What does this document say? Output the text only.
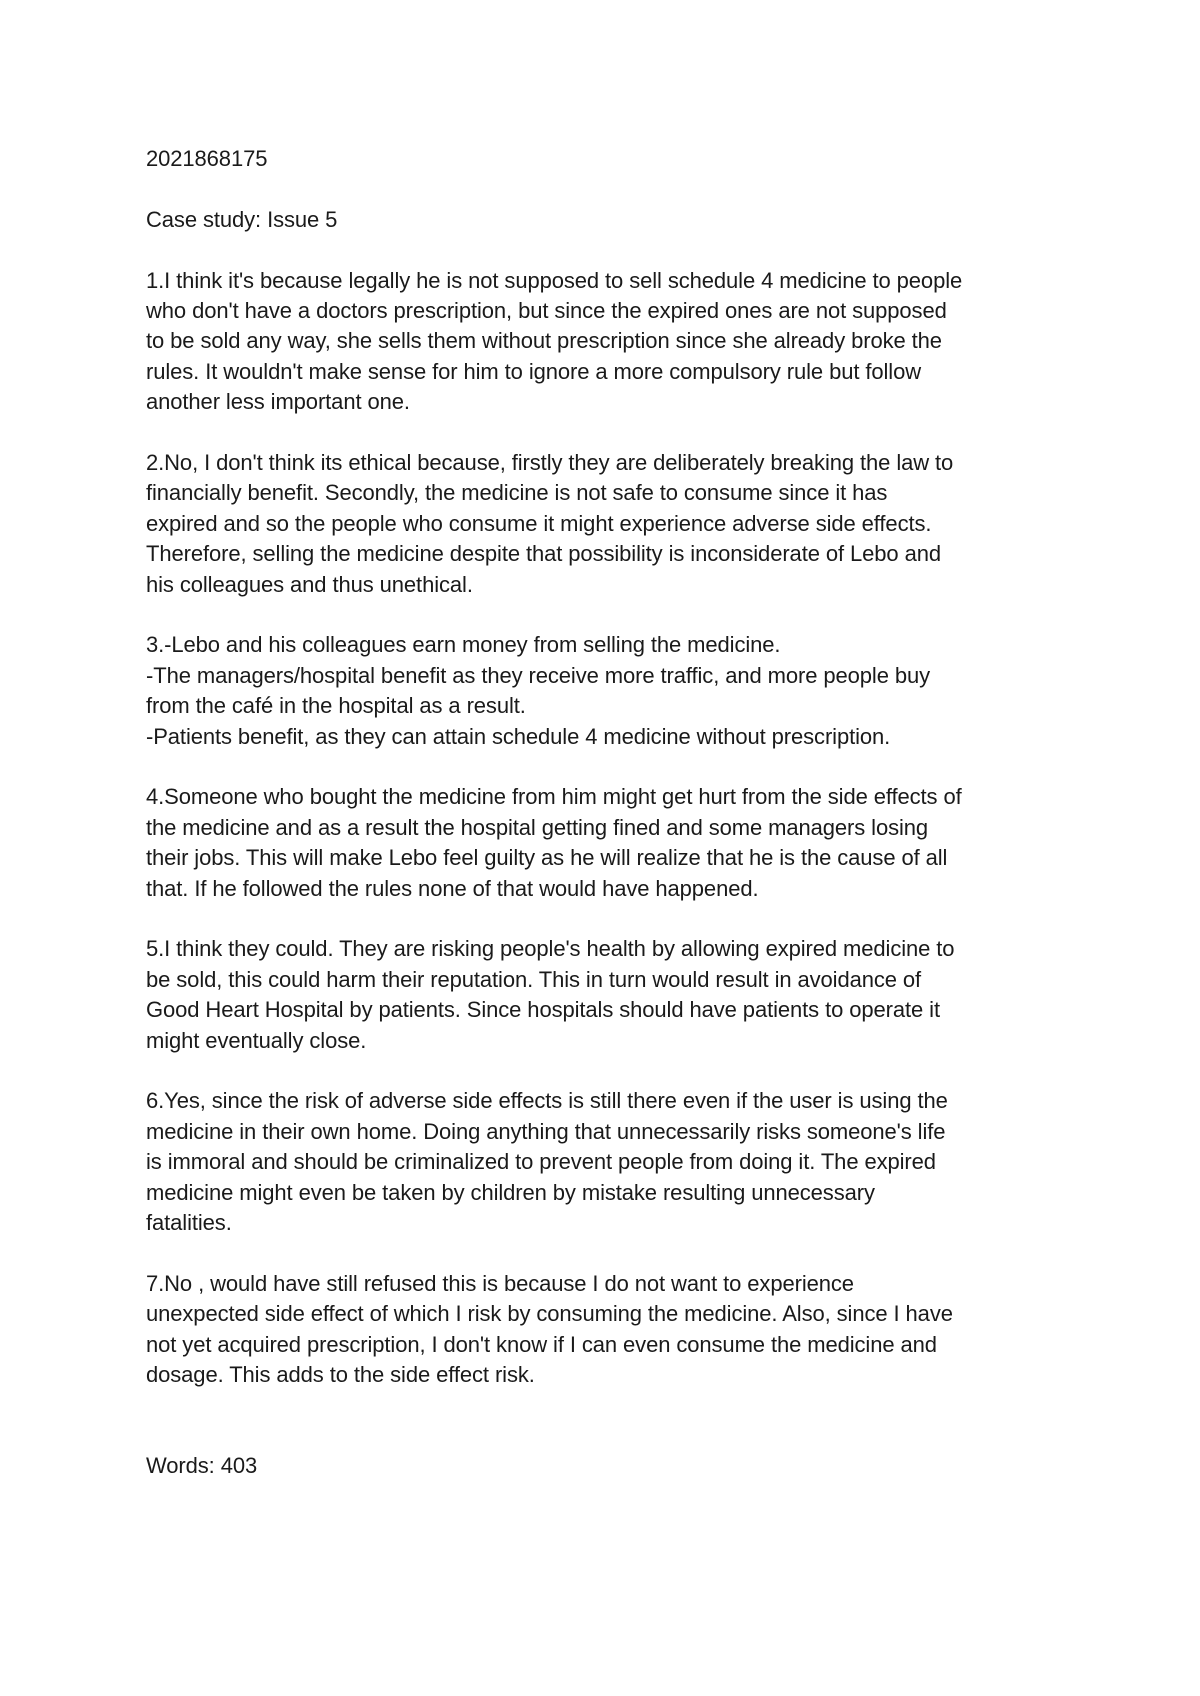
2021868175

Case study: Issue 5

1.I think it's because legally he is not supposed to sell schedule 4 medicine to people
who don't have a doctors prescription, but since the expired ones are not supposed
to be sold any way, she sells them without prescription since she already broke the
rules. It wouldn't make sense for him to ignore a more compulsory rule but follow
another less important one.

2.No, I don't think its ethical because, firstly they are deliberately breaking the law to
financially benefit. Secondly, the medicine is not safe to consume since it has
expired and so the people who consume it might experience adverse side effects.
Therefore, selling the medicine despite that possibility is inconsiderate of Lebo and
his colleagues and thus unethical.

3.-Lebo and his colleagues earn money from selling the medicine.
-The managers/hospital benefit as they receive more traffic, and more people buy
from the café in the hospital as a result.
-Patients benefit, as they can attain schedule 4 medicine without prescription.

4.Someone who bought the medicine from him might get hurt from the side effects of
the medicine and as a result the hospital getting fined and some managers losing
their jobs. This will make Lebo feel guilty as he will realize that he is the cause of all
that. If he followed the rules none of that would have happened.

5.I think they could. They are risking people's health by allowing expired medicine to
be sold, this could harm their reputation. This in turn would result in avoidance of
Good Heart Hospital by patients. Since hospitals should have patients to operate it
might eventually close.

6.Yes, since the risk of adverse side effects is still there even if the user is using the
medicine in their own home. Doing anything that unnecessarily risks someone's life
is immoral and should be criminalized to prevent people from doing it. The expired
medicine might even be taken by children by mistake resulting unnecessary
fatalities.

7.No , would have still refused this is because I do not want to experience
unexpected side effect of which I risk by consuming the medicine. Also, since I have
not yet acquired prescription, I don't know if I can even consume the medicine and
dosage. This adds to the side effect risk.

Words: 403
